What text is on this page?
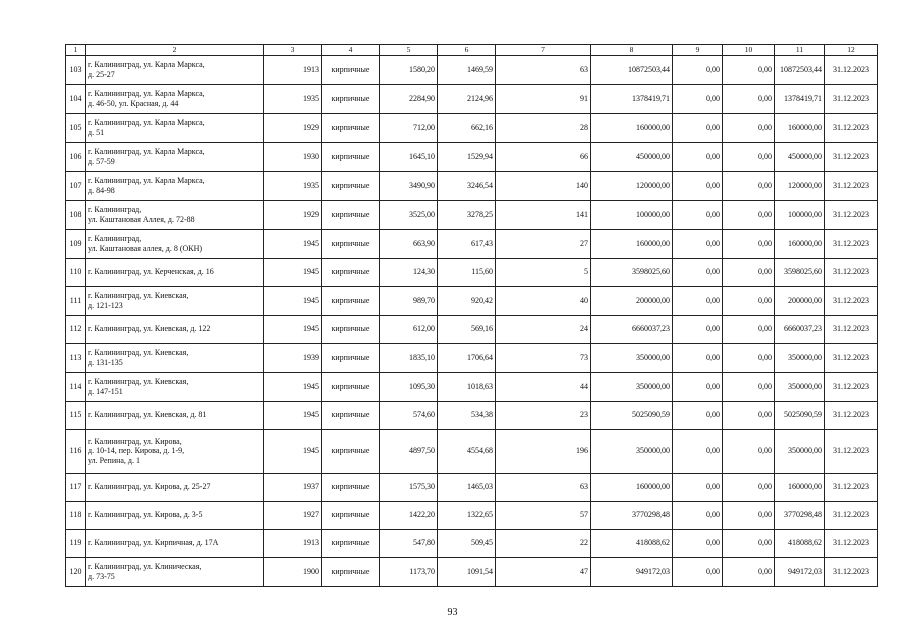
1	2	3	4	5	6	7	8	9	10	11	12
103	г. Калининград, ул. Карла Маркса,
д. 25-27	1913	кирпичные	1580,20	1469,59	63	10872503,44	0,00	0,00	10872503,44	31.12.2023
104	г. Калининград, ул. Карла Маркса,
д. 46-50, ул. Красная, д. 44	1935	кирпичные	2284,90	2124,96	91	1378419,71	0,00	0,00	1378419,71	31.12.2023
105	г. Калининград, ул. Карла Маркса,
д. 51	1929	кирпичные	712,00	662,16	28	160000,00	0,00	0,00	160000,00	31.12.2023
106	г. Калининград, ул. Карла Маркса,
д. 57-59	1930	кирпичные	1645,10	1529,94	66	450000,00	0,00	0,00	450000,00	31.12.2023
107	г. Калининград, ул. Карла Маркса,
д. 84-98	1935	кирпичные	3490,90	3246,54	140	120000,00	0,00	0,00	120000,00	31.12.2023
108	г. Калининград,
ул. Каштановая Аллея, д. 72-88	1929	кирпичные	3525,00	3278,25	141	100000,00	0,00	0,00	100000,00	31.12.2023
109	г. Калининград,
ул. Каштановая аллея, д. 8 (ОКН)	1945	кирпичные	663,90	617,43	27	160000,00	0,00	0,00	160000,00	31.12.2023
110	г. Калининград, ул. Керченская, д. 16	1945	кирпичные	124,30	115,60	5	3598025,60	0,00	0,00	3598025,60	31.12.2023
111	г. Калининград, ул. Киевская,
д. 121-123	1945	кирпичные	989,70	920,42	40	200000,00	0,00	0,00	200000,00	31.12.2023
112	г. Калининград, ул. Киевская, д. 122	1945	кирпичные	612,00	569,16	24	6660037,23	0,00	0,00	6660037,23	31.12.2023
113	г. Калининград, ул. Киевская,
д. 131-135	1939	кирпичные	1835,10	1706,64	73	350000,00	0,00	0,00	350000,00	31.12.2023
114	г. Калининград, ул. Киевская,
д. 147-151	1945	кирпичные	1095,30	1018,63	44	350000,00	0,00	0,00	350000,00	31.12.2023
115	г. Калининград, ул. Киевская, д. 81	1945	кирпичные	574,60	534,38	23	5025090,59	0,00	0,00	5025090,59	31.12.2023
116	г. Калининград, ул. Кирова,
д. 10-14, пер. Кирова, д. 1-9,
ул. Репина, д. 1	1945	кирпичные	4897,50	4554,68	196	350000,00	0,00	0,00	350000,00	31.12.2023
117	г. Калининград, ул. Кирова, д. 25-27	1937	кирпичные	1575,30	1465,03	63	160000,00	0,00	0,00	160000,00	31.12.2023
118	г. Калининград, ул. Кирова, д. 3-5	1927	кирпичные	1422,20	1322,65	57	3770298,48	0,00	0,00	3770298,48	31.12.2023
119	г. Калининград, ул. Кирпичная, д. 17А	1913	кирпичные	547,80	509,45	22	418088,62	0,00	0,00	418088,62	31.12.2023
120	г. Калининград, ул. Клиническая,
д. 73-75	1900	кирпичные	1173,70	1091,54	47	949172,03	0,00	0,00	949172,03	31.12.2023
93
